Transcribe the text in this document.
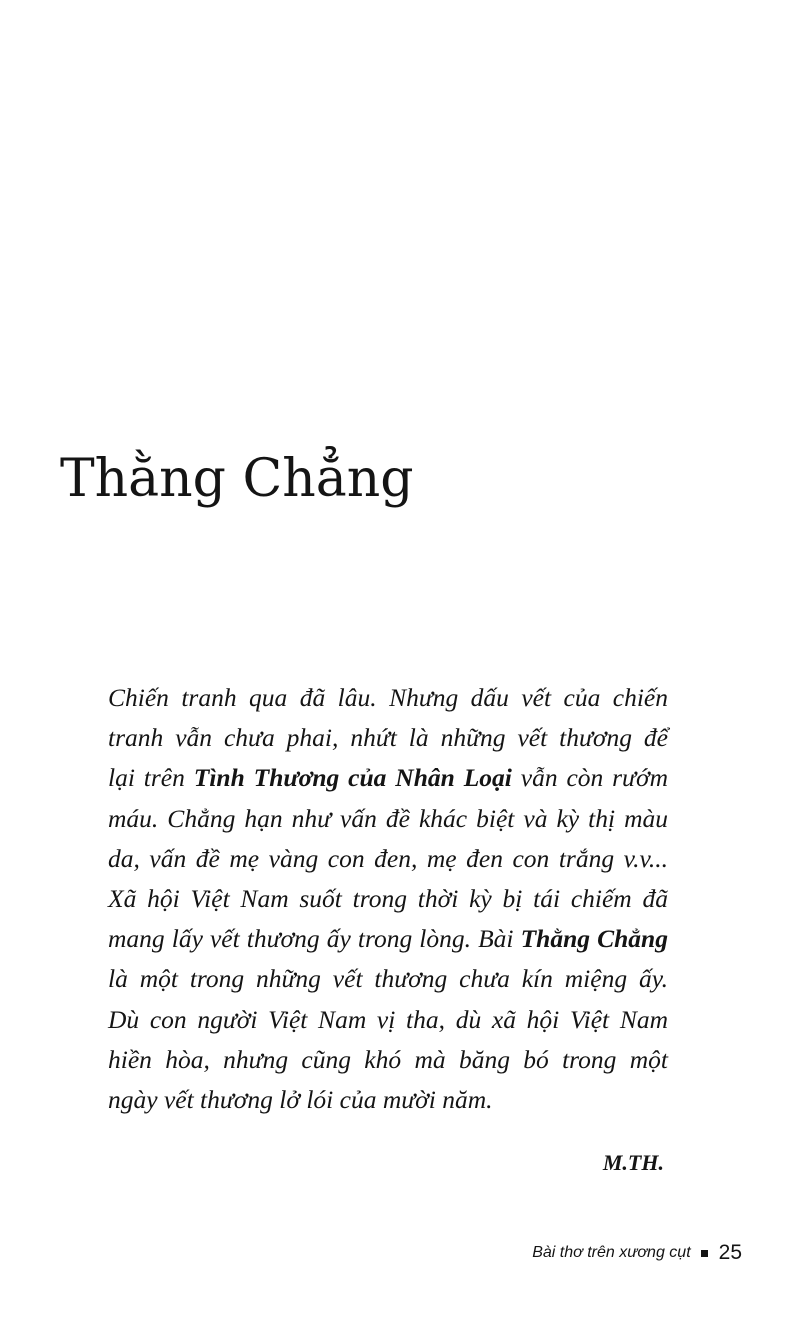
Thằng Chẳng
Chiến tranh qua đã lâu. Nhưng dấu vết của chiến
tranh vẫn chưa phai, nhứt là những vết thương để
lại trên Tình Thương của Nhân Loại vẫn còn rướm
máu. Chẳng hạn như vấn đề khác biệt và kỳ thị màu
da, vấn đề mẹ vàng con đen, mẹ đen con trắng v.v...
Xã hội Việt Nam suốt trong thời kỳ bị tái chiếm đã
mang lấy vết thương ấy trong lòng. Bài Thằng Chẳng
là một trong những vết thương chưa kín miệng ấy.
Dù con người Việt Nam vị tha, dù xã hội Việt Nam
hiền hòa, nhưng cũng khó mà băng bó trong một
ngày vết thương lở lói của mười năm.

M.TH.

Bài thơ trên xương cụt 25
